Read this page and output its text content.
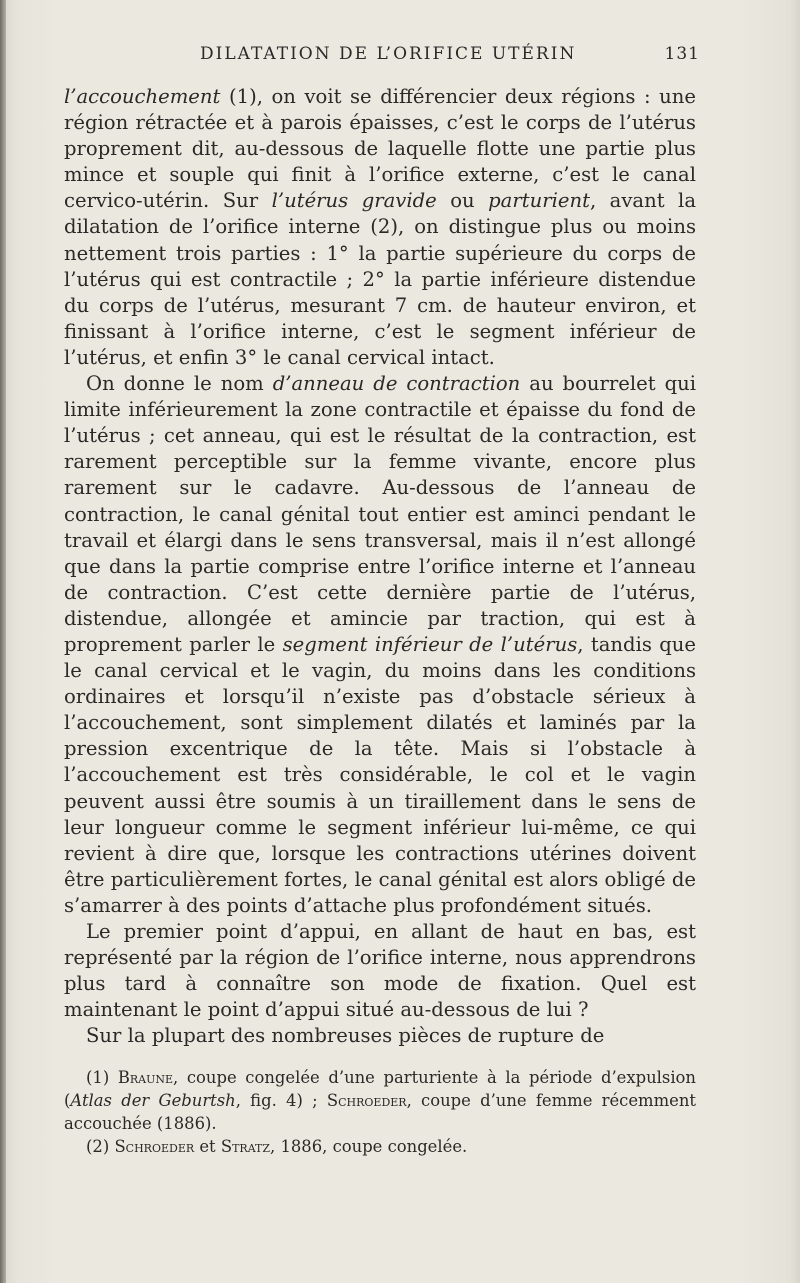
DILATATION DE L’ORIFICE UTÉRIN	131

l’accouchement (1), on voit se différencier deux régions : une région rétractée et à parois épaisses, c’est le corps de l’utérus proprement dit, au-dessous de laquelle flotte une partie plus mince et souple qui finit à l’orifice externe, c’est le canal cervico-utérin. Sur l’utérus gravide ou parturient, avant la dilatation de l’orifice interne (2), on distingue plus ou moins nettement trois parties : 1° la partie supérieure du corps de l’utérus qui est contractile ; 2° la partie inférieure distendue du corps de l’utérus, mesurant 7 cm. de hauteur environ, et finissant à l’orifice interne, c’est le segment inférieur de l’utérus, et enfin 3° le canal cervical intact.

On donne le nom d’anneau de contraction au bourrelet qui limite inférieurement la zone contractile et épaisse du fond de l’utérus ; cet anneau, qui est le résultat de la contraction, est rarement perceptible sur la femme vivante, encore plus rarement sur le cadavre. Au-dessous de l’anneau de contraction, le canal génital tout entier est aminci pendant le travail et élargi dans le sens transversal, mais il n’est allongé que dans la partie comprise entre l’orifice interne et l’anneau de contraction. C’est cette dernière partie de l’utérus, distendue, allongée et amincie par traction, qui est à proprement parler le segment inférieur de l’utérus, tandis que le canal cervical et le vagin, du moins dans les conditions ordinaires et lorsqu’il n’existe pas d’obstacle sérieux à l’accouchement, sont simplement dilatés et laminés par la pression excentrique de la tête. Mais si l’obstacle à l’accouchement est très considérable, le col et le vagin peuvent aussi être soumis à un tiraillement dans le sens de leur longueur comme le segment inférieur lui-même, ce qui revient à dire que, lorsque les contractions utérines doivent être particulièrement fortes, le canal génital est alors obligé de s’amarrer à des points d’attache plus profondément situés.

Le premier point d’appui, en allant de haut en bas, est représenté par la région de l’orifice interne, nous apprendrons plus tard à connaître son mode de fixation. Quel est maintenant le point d’appui situé au-dessous de lui ?

Sur la plupart des nombreuses pièces de rupture de

(1) Braune, coupe congelée d’une parturiente à la période d’expulsion (Atlas der Geburtsh, fig. 4) ; Schroeder, coupe d’une femme récemment accouchée (1886).

(2) Schroeder et Stratz, 1886, coupe congelée.
